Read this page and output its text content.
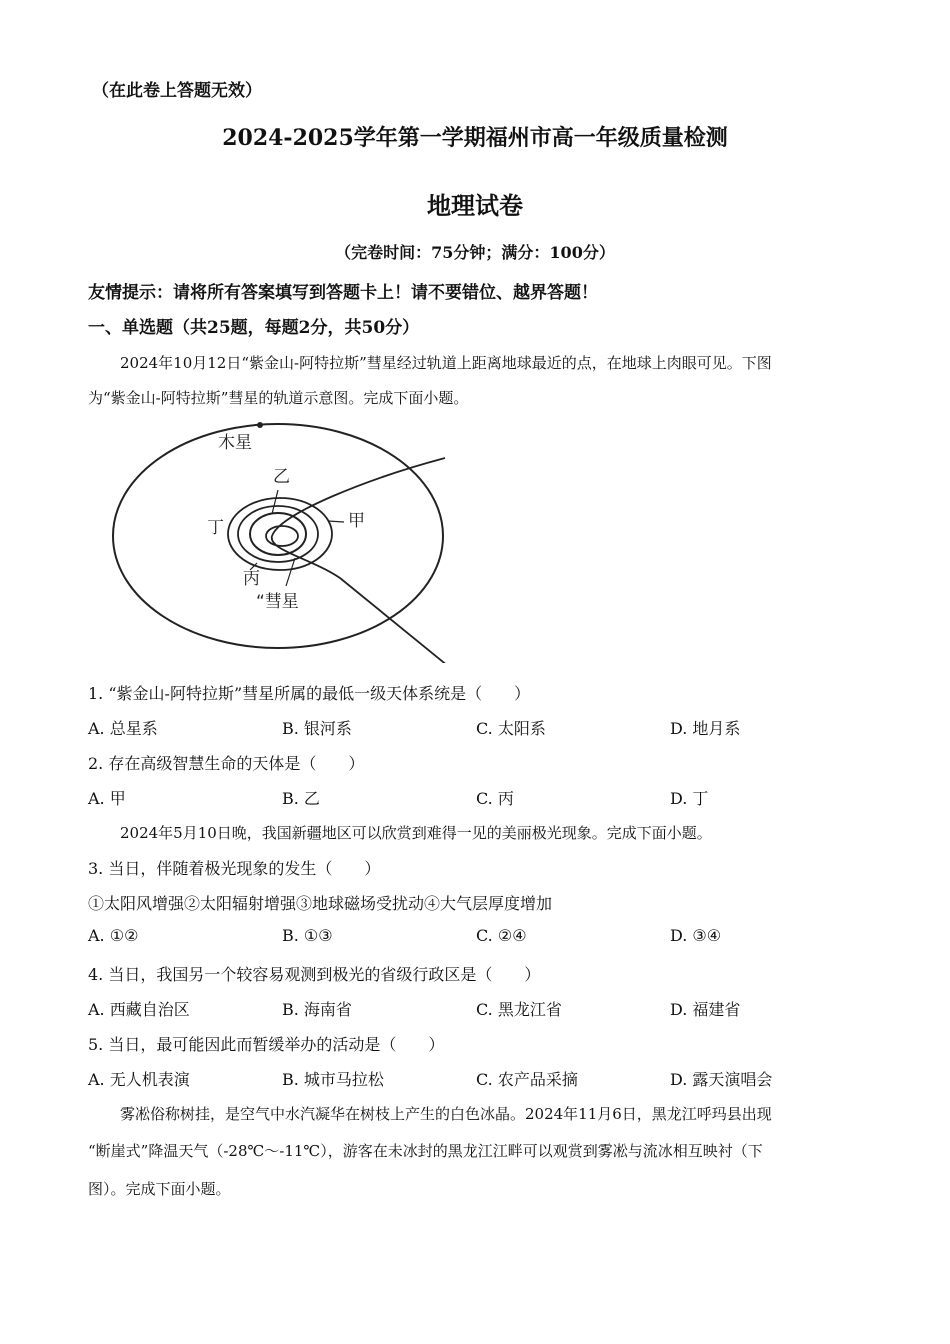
（在此卷上答题无效）
2024-2025学年第一学期福州市高一年级质量检测
地理试卷
（完卷时间：75分钟；满分：100分）
友情提示：请将所有答案填写到答题卡上！请不要错位、越界答题！
一、单选题（共25题，每题2分，共50分）
2024年10月12日“紫金山-阿特拉斯”彗星经过轨道上距离地球最近的点，在地球上肉眼可见。下图
为“紫金山-阿特拉斯”彗星的轨道示意图。完成下面小题。
木星
乙
丁	甲
丙
“彗星
1. “紫金山-阿特拉斯”彗星所属的最低一级天体系统是（　　）
A. 总星系	B. 银河系	C. 太阳系	D. 地月系
2. 存在高级智慧生命的天体是（　　）
A. 甲	B. 乙	C. 丙	D. 丁
2024年5月10日晚，我国新疆地区可以欣赏到难得一见的美丽极光现象。完成下面小题。
3. 当日，伴随着极光现象的发生（　　）
①太阳风增强②太阳辐射增强③地球磁场受扰动④大气层厚度增加
A. ①②	B. ①③	C. ②④	D. ③④
4. 当日，我国另一个较容易观测到极光的省级行政区是（　　）
A. 西藏自治区	B. 海南省	C. 黑龙江省	D. 福建省
5. 当日，最可能因此而暂缓举办的活动是（　　）
A. 无人机表演	B. 城市马拉松	C. 农产品采摘	D. 露天演唱会
雾凇俗称树挂，是空气中水汽凝华在树枝上产生的白色冰晶。2024年11月6日，黑龙江呼玛县出现
“断崖式”降温天气（-28℃～-11℃），游客在未冰封的黑龙江江畔可以观赏到雾凇与流冰相互映衬（下
图）。完成下面小题。
